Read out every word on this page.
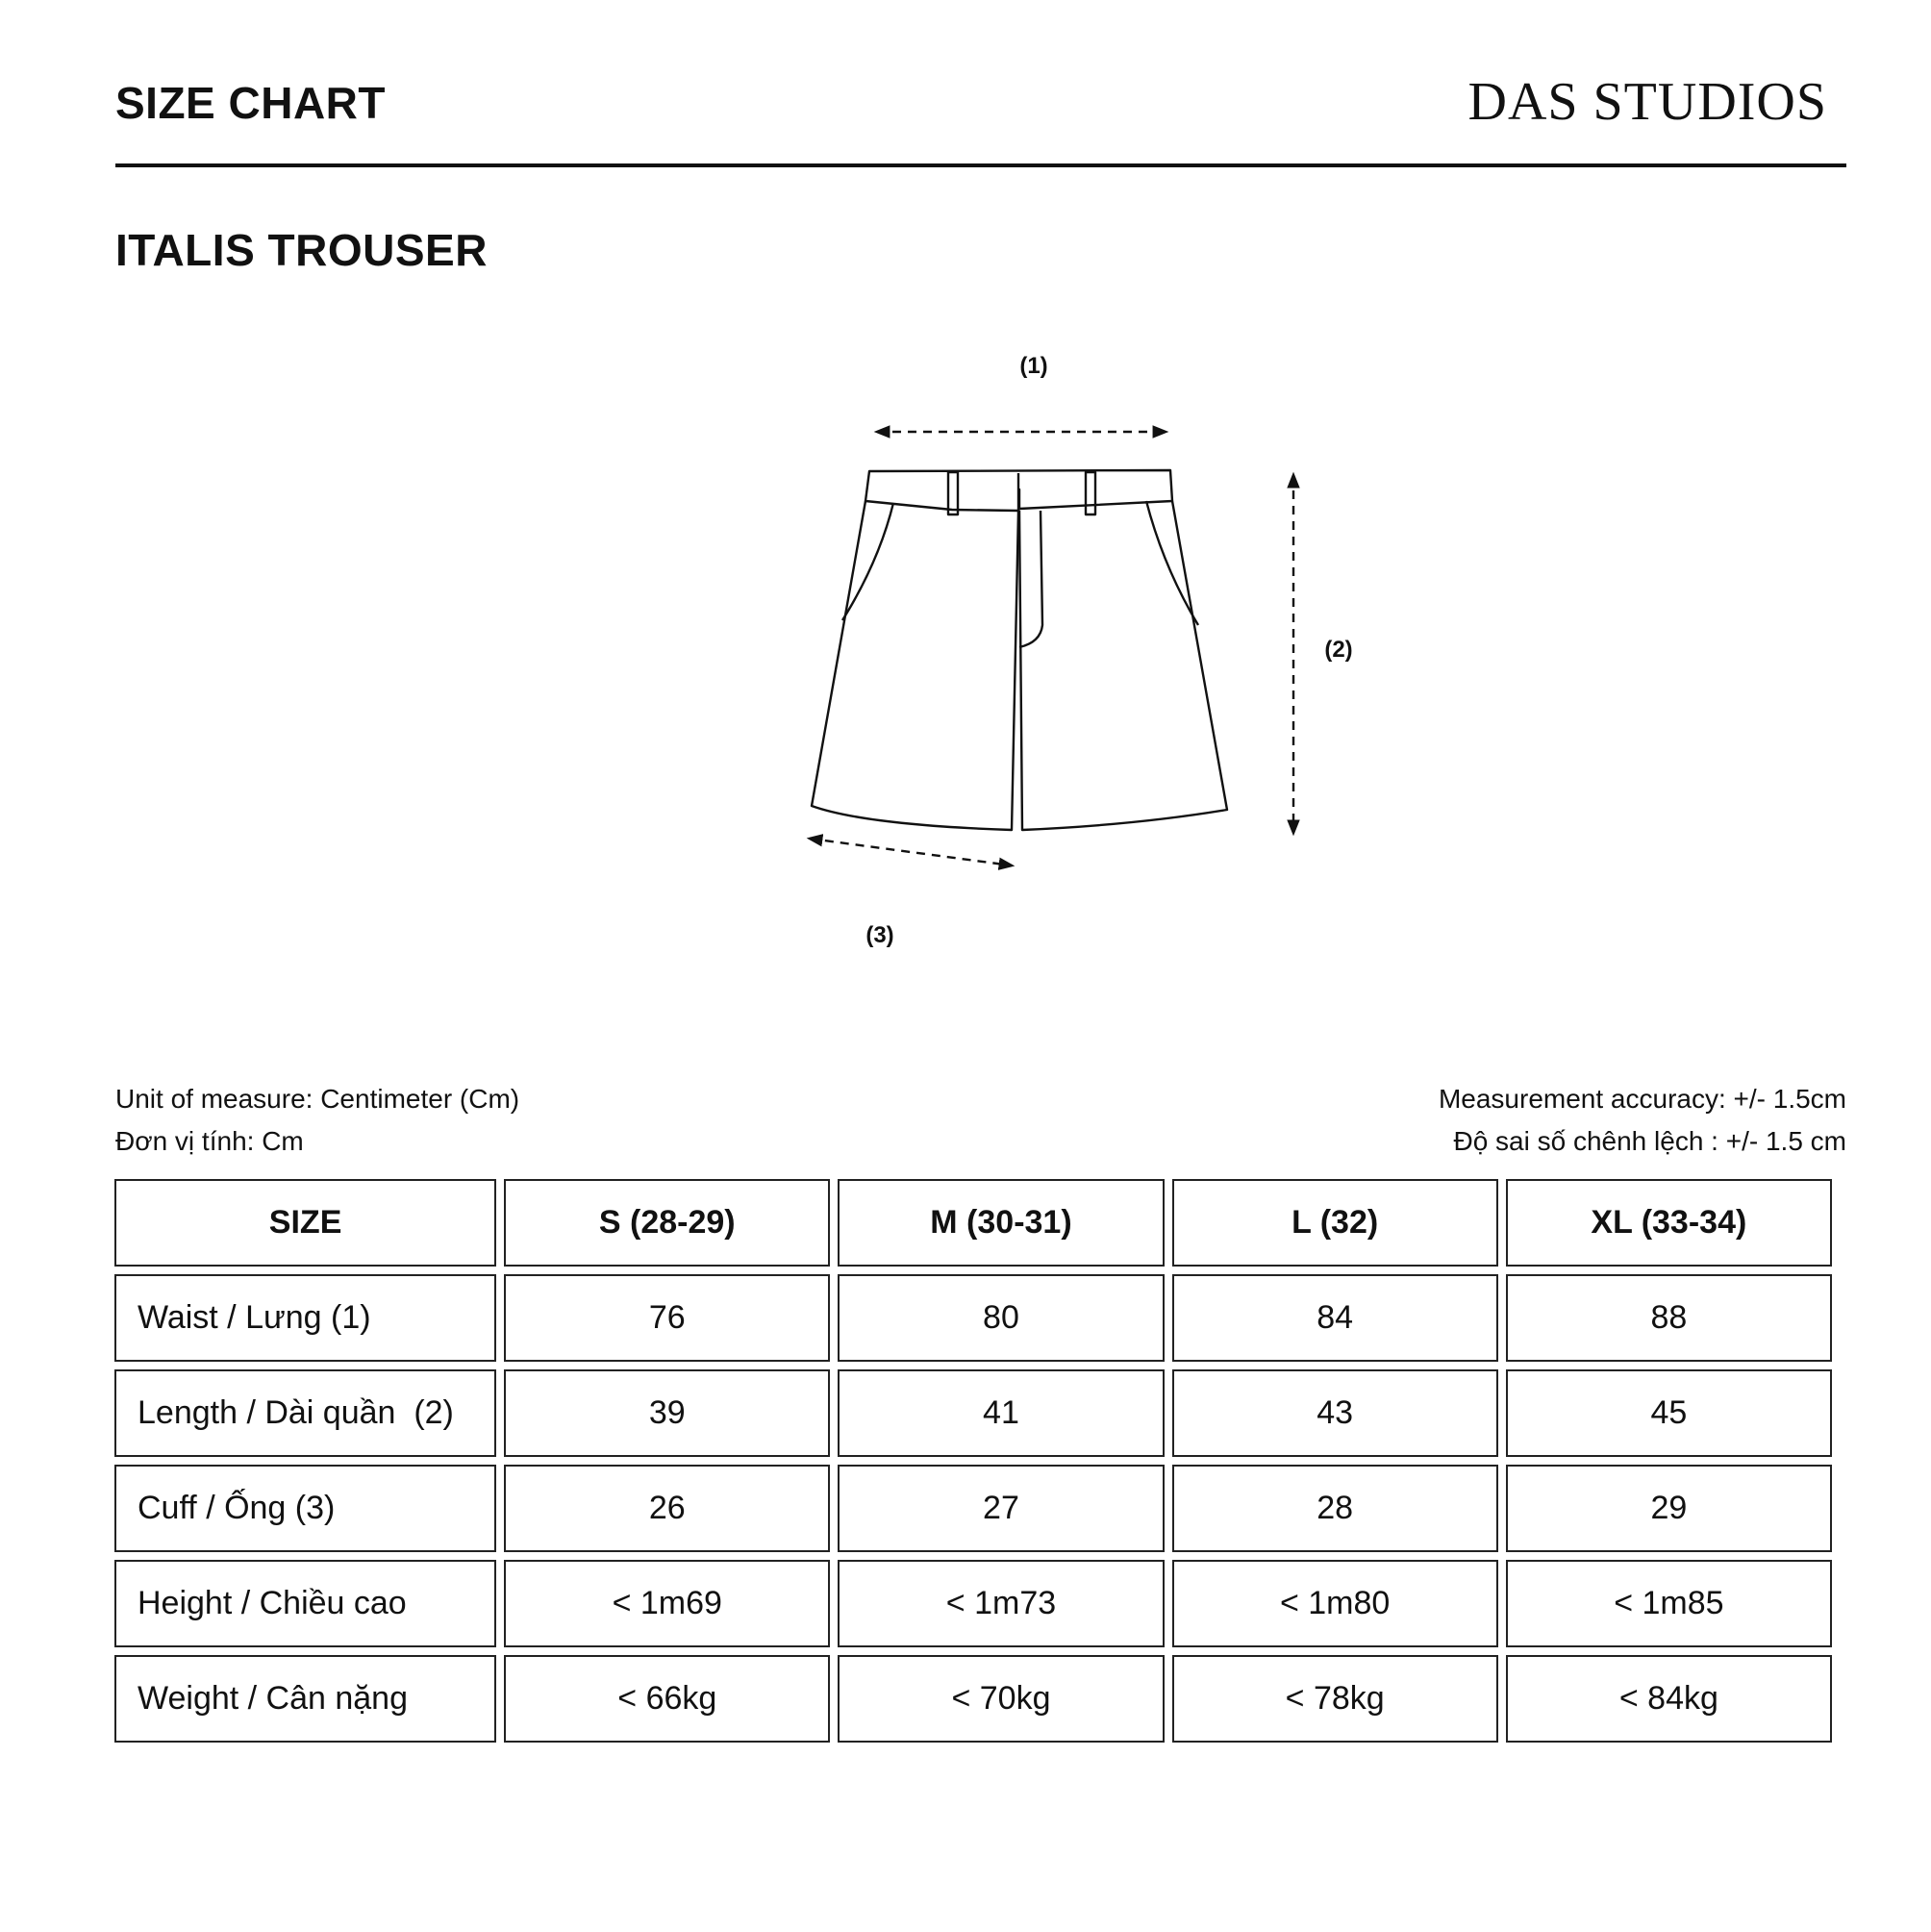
SIZE CHART	DAS STUDIOS
ITALIS TROUSER
(1)
(2)
(3)
Unit of measure: Centimeter (Cm)
Đơn vị tính: Cm
Measurement accuracy: +/- 1.5cm
Độ sai số chênh lệch : +/- 1.5 cm
SIZE	S (28-29)	M (30-31)	L (32)	XL (33-34)
Waist / Lưng (1)	76	80	84	88
Length / Dài quần  (2)	39	41	43	45
Cuff / Ống (3)	26	27	28	29
Height / Chiều cao	< 1m69	< 1m73	< 1m80	< 1m85
Weight / Cân nặng	< 66kg	< 70kg	< 78kg	< 84kg
